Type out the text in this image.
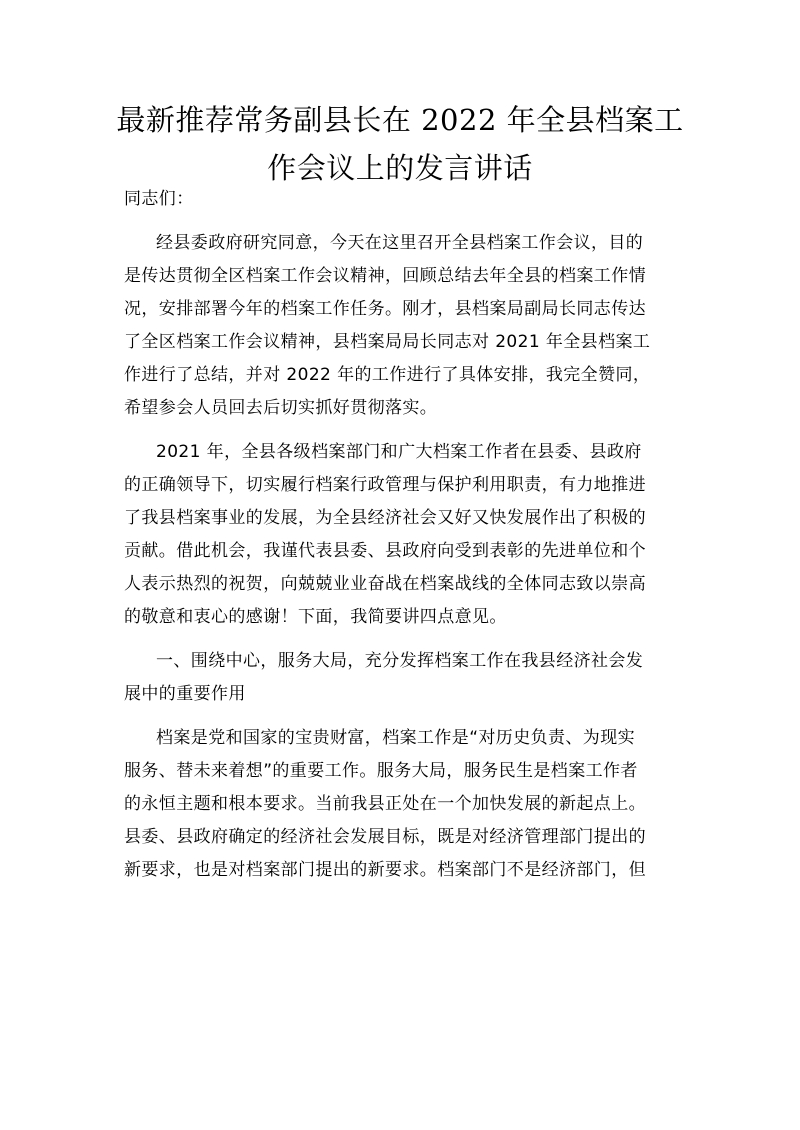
最新推荐常务副县长在 2022 年全县档案工
作会议上的发言讲话
同志们：
经县委政府研究同意，今天在这里召开全县档案工作会议，目的
是传达贯彻全区档案工作会议精神，回顾总结去年全县的档案工作情
况，安排部署今年的档案工作任务。刚才，县档案局副局长同志传达
了全区档案工作会议精神，县档案局局长同志对 2021 年全县档案工
作进行了总结，并对 2022 年的工作进行了具体安排，我完全赞同，
希望参会人员回去后切实抓好贯彻落实。
2021 年，全县各级档案部门和广大档案工作者在县委、县政府
的正确领导下，切实履行档案行政管理与保护利用职责，有力地推进
了我县档案事业的发展，为全县经济社会又好又快发展作出了积极的
贡献。借此机会，我谨代表县委、县政府向受到表彰的先进单位和个
人表示热烈的祝贺，向兢兢业业奋战在档案战线的全体同志致以崇高
的敬意和衷心的感谢！下面，我简要讲四点意见。
一、围绕中心，服务大局，充分发挥档案工作在我县经济社会发
展中的重要作用
档案是党和国家的宝贵财富，档案工作是“对历史负责、为现实
服务、替未来着想”的重要工作。服务大局，服务民生是档案工作者
的永恒主题和根本要求。当前我县正处在一个加快发展的新起点上。
县委、县政府确定的经济社会发展目标，既是对经济管理部门提出的
新要求，也是对档案部门提出的新要求。档案部门不是经济部门，但
